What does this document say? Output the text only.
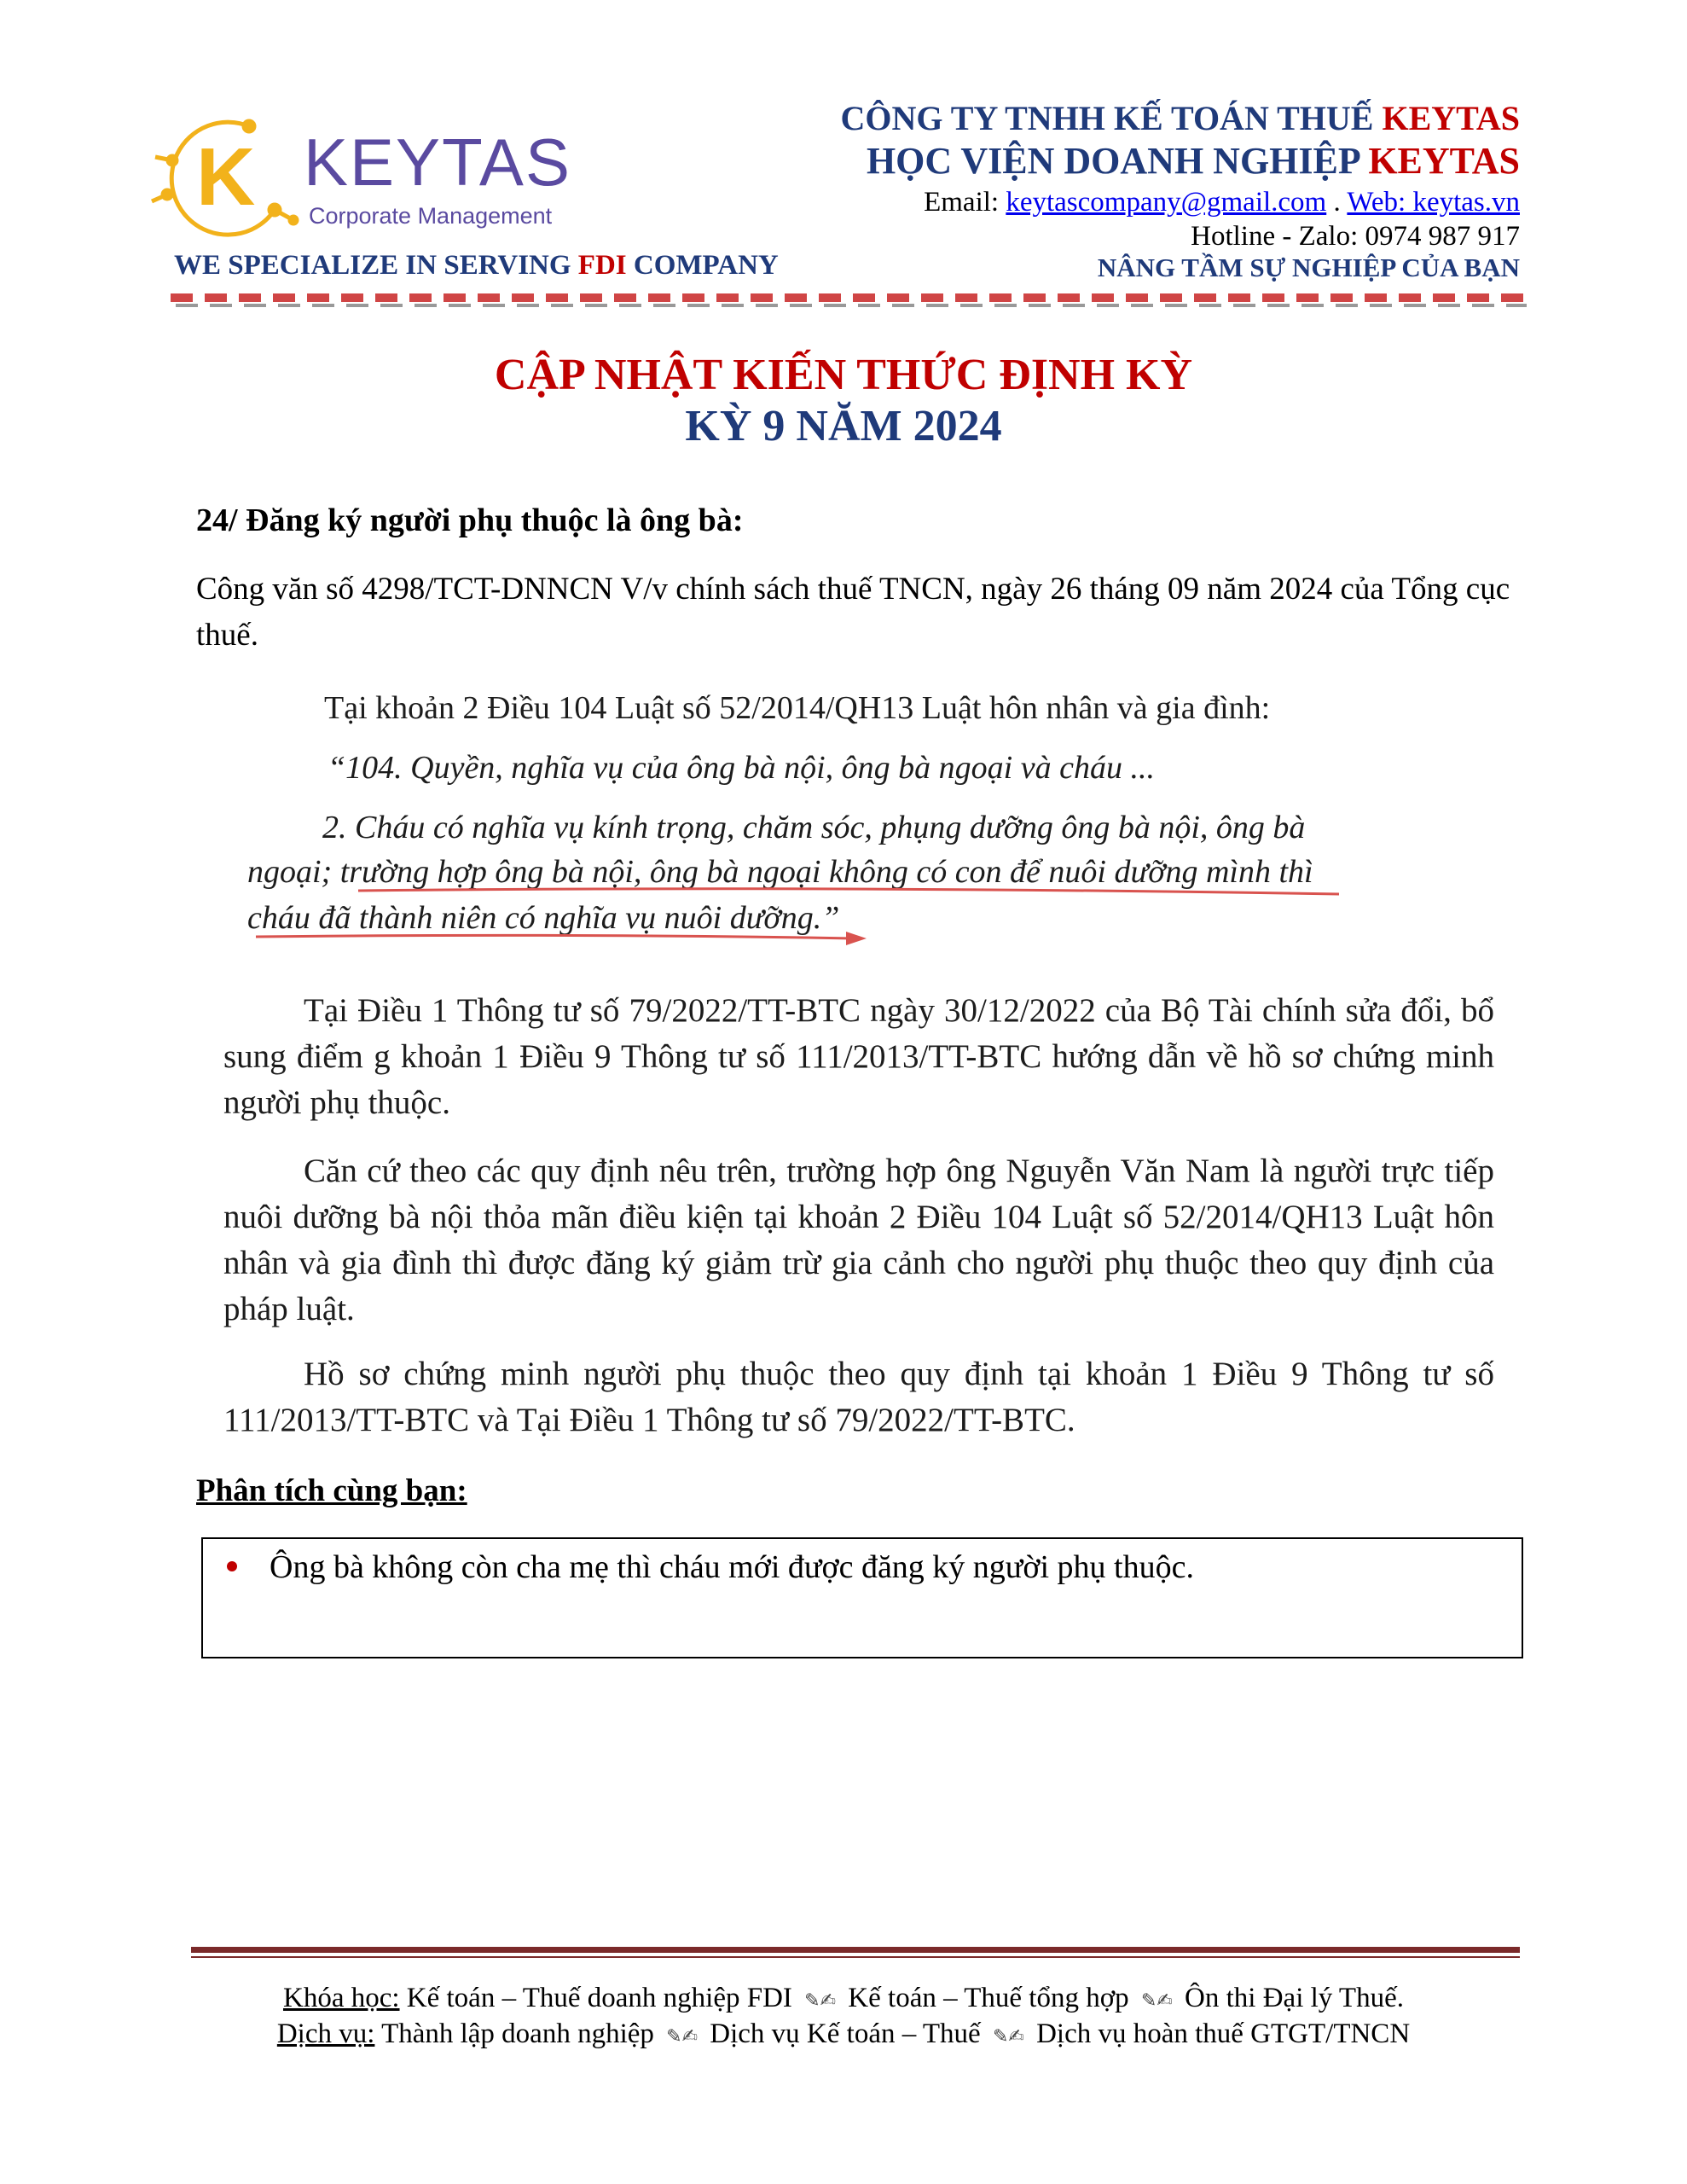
K KEYTAS
Corporate Management
WE SPECIALIZE IN SERVING FDI COMPANY
CÔNG TY TNHH KẾ TOÁN THUẾ KEYTAS
HỌC VIỆN DOANH NGHIỆP KEYTAS
Email: keytascompany@gmail.com . Web: keytas.vn
Hotline - Zalo: 0974 987 917
NÂNG TẦM SỰ NGHIỆP CỦA BẠN
CẬP NHẬT KIẾN THỨC ĐỊNH KỲ
KỲ 9 NĂM 2024
24/ Đăng ký người phụ thuộc là ông bà:
Công văn số 4298/TCT-DNNCN V/v chính sách thuế TNCN, ngày 26 tháng 09 năm 2024 của Tổng cục thuế.
Tại khoản 2 Điều 104 Luật số 52/2014/QH13 Luật hôn nhân và gia đình:
“104. Quyền, nghĩa vụ của ông bà nội, ông bà ngoại và cháu ...
2. Cháu có nghĩa vụ kính trọng, chăm sóc, phụng dưỡng ông bà nội, ông bà
ngoại; trường hợp ông bà nội, ông bà ngoại không có con để nuôi dưỡng mình thì
cháu đã thành niên có nghĩa vụ nuôi dưỡng.”
Tại Điều 1 Thông tư số 79/2022/TT-BTC ngày 30/12/2022 của Bộ Tài chính sửa đổi, bổ sung điểm g khoản 1 Điều 9 Thông tư số 111/2013/TT-BTC hướng dẫn về hồ sơ chứng minh người phụ thuộc.
Căn cứ theo các quy định nêu trên, trường hợp ông Nguyễn Văn Nam là người trực tiếp nuôi dưỡng bà nội thỏa mãn điều kiện tại khoản 2 Điều 104 Luật số 52/2014/QH13 Luật hôn nhân và gia đình thì được đăng ký giảm trừ gia cảnh cho người phụ thuộc theo quy định của pháp luật.
Hồ sơ chứng minh người phụ thuộc theo quy định tại khoản 1 Điều 9 Thông tư số 111/2013/TT-BTC và Tại Điều 1 Thông tư số 79/2022/TT-BTC.
Phân tích cùng bạn:
Ông bà không còn cha mẹ thì cháu mới được đăng ký người phụ thuộc.
Khóa học: Kế toán – Thuế doanh nghiệp FDI ✎✍ Kế toán – Thuế tổng hợp ✎✍ Ôn thi Đại lý Thuế.
Dịch vụ: Thành lập doanh nghiệp ✎✍ Dịch vụ Kế toán – Thuế ✎✍ Dịch vụ hoàn thuế GTGT/TNCN
